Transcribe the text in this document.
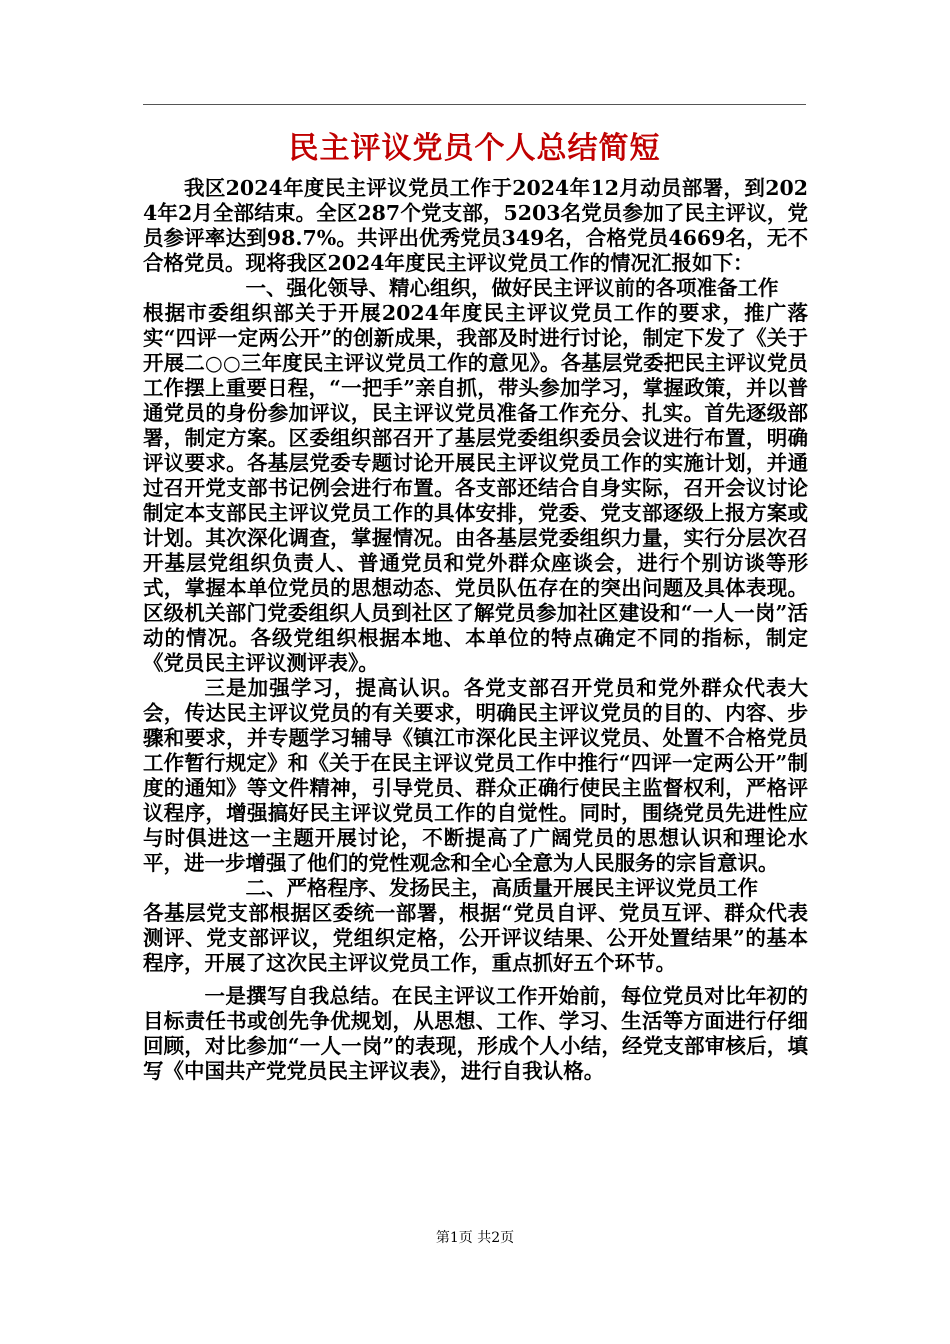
民主评议党员个人总结简短

我区2024年度民主评议党员工作于2024年12月动员部署，到2024年2月全部结束。全区287个党支部，5203名党员参加了民主评议，党员参评率达到98.7%。共评出优秀党员349名，合格党员4669名，无不合格党员。现将我区2024年度民主评议党员工作的情况汇报如下：

一、强化领导、精心组织，做好民主评议前的各项准备工作

根据市委组织部关于开展2024年度民主评议党员工作的要求，推广落实“四评一定两公开”的创新成果，我部及时进行讨论，制定下发了《关于开展二○○三年度民主评议党员工作的意见》。各基层党委把民主评议党员工作摆上重要日程，“一把手”亲自抓，带头参加学习，掌握政策，并以普通党员的身份参加评议，民主评议党员准备工作充分、扎实。首先逐级部署，制定方案。区委组织部召开了基层党委组织委员会议进行布置，明确评议要求。各基层党委专题讨论开展民主评议党员工作的实施计划，并通过召开党支部书记例会进行布置。各支部还结合自身实际，召开会议讨论制定本支部民主评议党员工作的具体安排，党委、党支部逐级上报方案或计划。其次深化调查，掌握情况。由各基层党委组织力量，实行分层次召开基层党组织负责人、普通党员和党外群众座谈会，进行个别访谈等形式，掌握本单位党员的思想动态、党员队伍存在的突出问题及具体表现。区级机关部门党委组织人员到社区了解党员参加社区建设和“一人一岗”活动的情况。各级党组织根据本地、本单位的特点确定不同的指标，制定《党员民主评议测评表》。

三是加强学习，提高认识。各党支部召开党员和党外群众代表大会，传达民主评议党员的有关要求，明确民主评议党员的目的、内容、步骤和要求，并专题学习辅导《镇江市深化民主评议党员、处置不合格党员工作暂行规定》和《关于在民主评议党员工作中推行“四评一定两公开”制度的通知》等文件精神，引导党员、群众正确行使民主监督权利，严格评议程序，增强搞好民主评议党员工作的自觉性。同时，围绕党员先进性应与时俱进这一主题开展讨论，不断提高了广阔党员的思想认识和理论水平，进一步增强了他们的党性观念和全心全意为人民服务的宗旨意识。

二、严格程序、发扬民主，高质量开展民主评议党员工作

各基层党支部根据区委统一部署，根据“党员自评、党员互评、群众代表测评、党支部评议，党组织定格，公开评议结果、公开处置结果”的基本程序，开展了这次民主评议党员工作，重点抓好五个环节。

一是撰写自我总结。在民主评议工作开始前，每位党员对比年初的目标责任书或创先争优规划，从思想、工作、学习、生活等方面进行仔细回顾，对比参加“一人一岗”的表现，形成个人小结，经党支部审核后，填写《中国共产党党员民主评议表》，进行自我认格。

第1页 共2页
